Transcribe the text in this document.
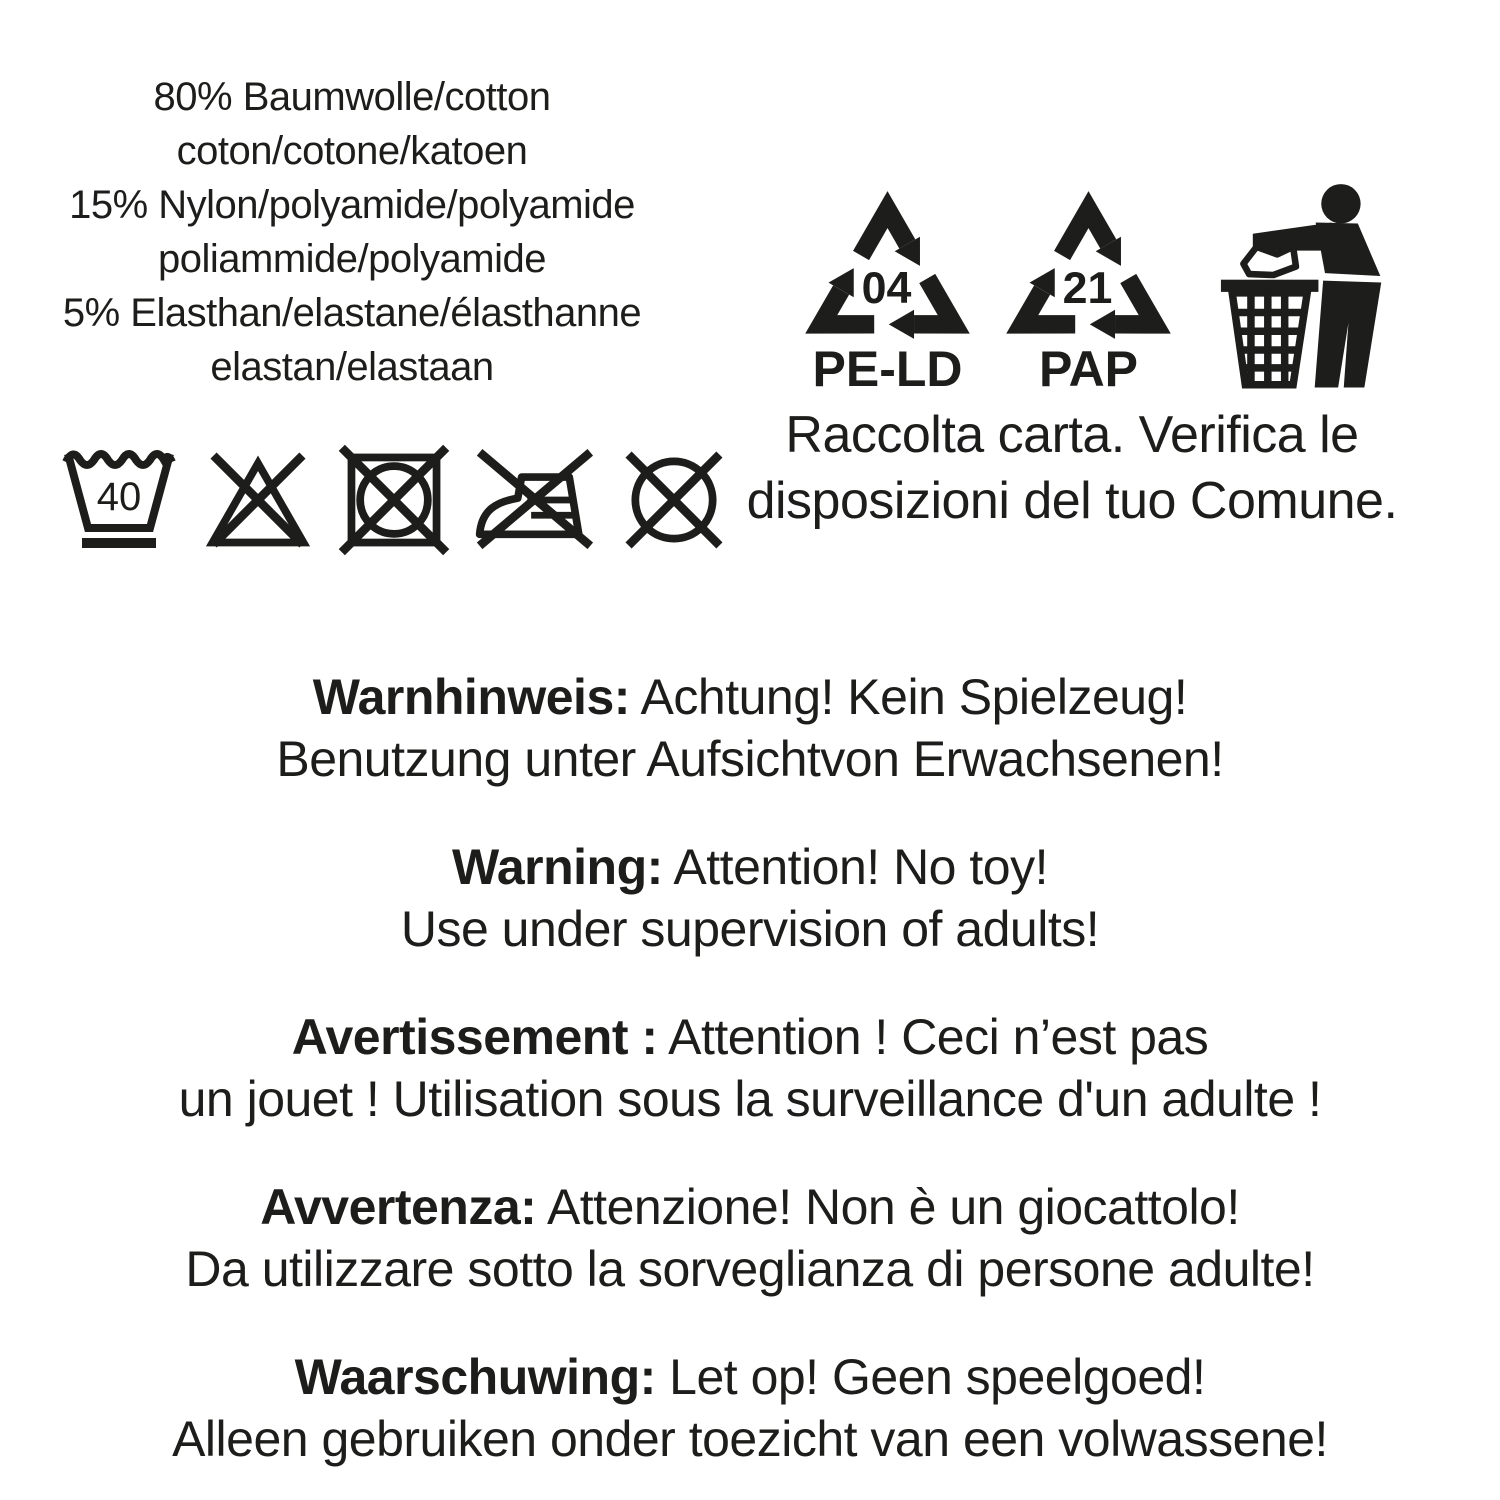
80% Baumwolle/cotton
coton/cotone/katoen
15% Nylon/polyamide/polyamide
poliammide/polyamide
5% Elasthan/elastane/élasthanne
elastan/elastaan
04
PE-LD
21
PAP
Raccolta carta. Verifica le
disposizioni del tuo Comune.
40

Warnhinweis: Achtung! Kein Spielzeug!
Benutzung unter Aufsichtvon Erwachsenen!

Warning: Attention! No toy!
Use under supervision of adults!

Avertissement : Attention ! Ceci n’est pas
un jouet ! Utilisation sous la surveillance d'un adulte !

Avvertenza: Attenzione! Non è un giocattolo!
Da utilizzare sotto la sorveglianza di persone adulte!

Waarschuwing: Let op! Geen speelgoed!
Alleen gebruiken onder toezicht van een volwassene!
